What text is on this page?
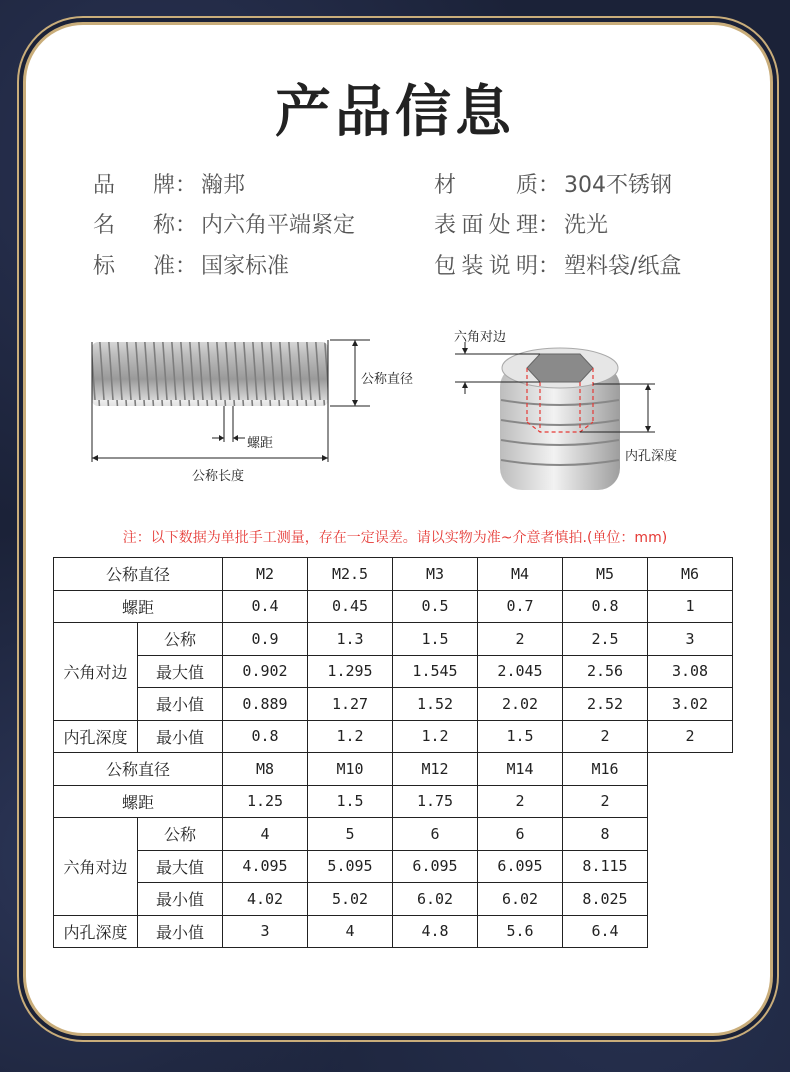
产品信息
品牌： 瀚邦
名称： 内六角平端紧定
标准： 国家标准
材质： 304不锈钢
表面处理： 洗光
包装说明： 塑料袋/纸盒
公称直径
螺距
公称长度
六角对边
内孔深度
注：以下数据为单批手工测量，存在一定误差。请以实物为准~介意者慎拍.(单位：mm)
公称直径		M2	M2.5	M3	M4	M5	M6
螺距		0.4	0.45	0.5	0.7	0.8	1
六角对边	公称	0.9	1.3	1.5	2	2.5	3
	最大值	0.902	1.295	1.545	2.045	2.56	3.08
	最小值	0.889	1.27	1.52	2.02	2.52	3.02
内孔深度	最小值	0.8	1.2	1.2	1.5	2	2
公称直径		M8	M10	M12	M14	M16	
螺距		1.25	1.5	1.75	2	2	
六角对边	公称	4	5	6	6	8	
	最大值	4.095	5.095	6.095	6.095	8.115	
	最小值	4.02	5.02	6.02	6.02	8.025	
内孔深度	最小值	3	4	4.8	5.6	6.4	
